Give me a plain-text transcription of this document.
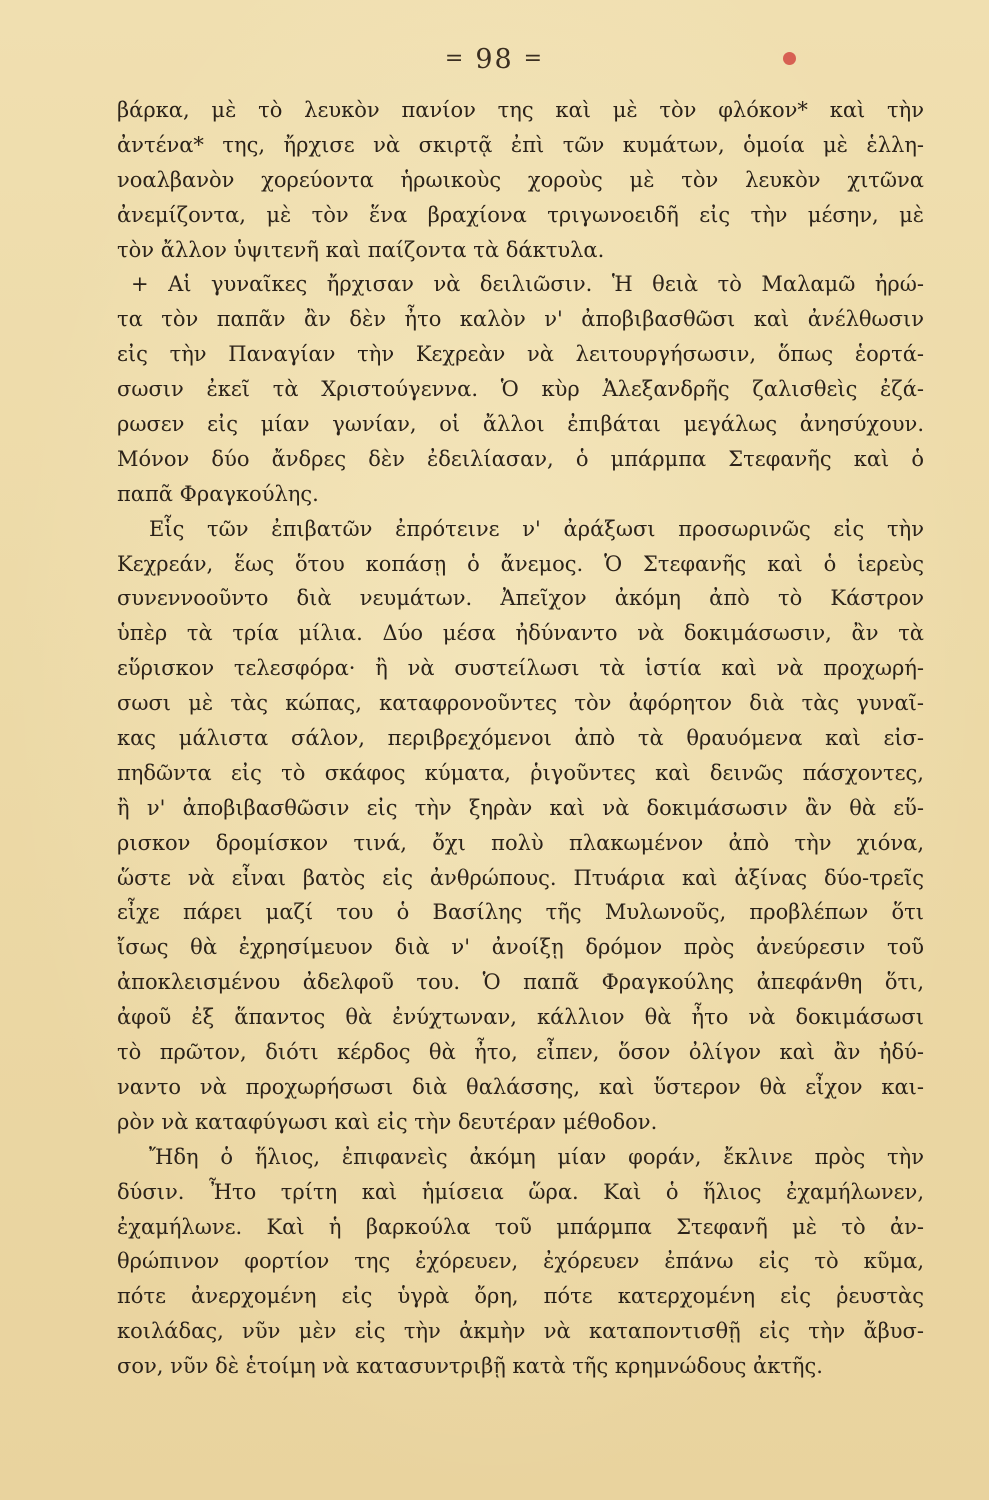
= 98 =
βάρκα, μὲ τὸ λευκὸν πανίον της καὶ μὲ τὸν φλόκον* καὶ τὴν
ἀντένα* της, ἤρχισε νὰ σκιρτᾷ ἐπὶ τῶν κυμάτων, ὁμοία μὲ ἑλλη-
νοαλβανὸν χορεύοντα ἡρωικοὺς χοροὺς μὲ τὸν λευκὸν χιτῶνα
ἀνεμίζοντα, μὲ τὸν ἕνα βραχίονα τριγωνοειδῆ εἰς τὴν μέσην, μὲ
τὸν ἄλλον ὑψιτενῆ καὶ παίζοντα τὰ δάκτυλα.
+ Αἱ γυναῖκες ἤρχισαν νὰ δειλιῶσιν. Ἡ θειὰ τὸ Μαλαμῶ ἠρώ-
τα τὸν παπᾶν ἂν δὲν ἦτο καλὸν ν' ἀποβιβασθῶσι καὶ ἀνέλθωσιν
εἰς τὴν Παναγίαν τὴν Κεχρεὰν νὰ λειτουργήσωσιν, ὅπως ἑορτά-
σωσιν ἐκεῖ τὰ Χριστούγεννα. Ὁ κὺρ Ἀλεξανδρῆς ζαλισθεὶς ἐζά-
ρωσεν εἰς μίαν γωνίαν, οἱ ἄλλοι ἐπιβάται μεγάλως ἀνησύχουν.
Μόνον δύο ἄνδρες δὲν ἐδειλίασαν, ὁ μπάρμπα Στεφανῆς καὶ ὁ
παπᾶ Φραγκούλης.
Εἷς τῶν ἐπιβατῶν ἐπρότεινε ν' ἀράξωσι προσωρινῶς εἰς τὴν
Κεχρεάν, ἕως ὅτου κοπάσῃ ὁ ἄνεμος. Ὁ Στεφανῆς καὶ ὁ ἱερεὺς
συνεννοοῦντο διὰ νευμάτων. Ἀπεῖχον ἀκόμη ἀπὸ τὸ Κάστρον
ὑπὲρ τὰ τρία μίλια. Δύο μέσα ἠδύναντο νὰ δοκιμάσωσιν, ἂν τὰ
εὕρισκον τελεσφόρα· ἢ νὰ συστείλωσι τὰ ἱστία καὶ νὰ προχωρή-
σωσι μὲ τὰς κώπας, καταφρονοῦντες τὸν ἀφόρητον διὰ τὰς γυναῖ-
κας μάλιστα σάλον, περιβρεχόμενοι ἀπὸ τὰ θραυόμενα καὶ εἰσ-
πηδῶντα εἰς τὸ σκάφος κύματα, ῥιγοῦντες καὶ δεινῶς πάσχοντες,
ἢ ν' ἀποβιβασθῶσιν εἰς τὴν ξηρὰν καὶ νὰ δοκιμάσωσιν ἂν θὰ εὕ-
ρισκον δρομίσκον τινά, ὄχι πολὺ πλακωμένον ἀπὸ τὴν χιόνα,
ὥστε νὰ εἶναι βατὸς εἰς ἀνθρώπους. Πτυάρια καὶ ἀξίνας δύο-τρεῖς
εἶχε πάρει μαζί του ὁ Βασίλης τῆς Μυλωνοῦς, προβλέπων ὅτι
ἴσως θὰ ἐχρησίμευον διὰ ν' ἀνοίξῃ δρόμον πρὸς ἀνεύρεσιν τοῦ
ἀποκλεισμένου ἀδελφοῦ του. Ὁ παπᾶ Φραγκούλης ἀπεφάνθη ὅτι,
ἀφοῦ ἐξ ἅπαντος θὰ ἐνύχτωναν, κάλλιον θὰ ἦτο νὰ δοκιμάσωσι
τὸ πρῶτον, διότι κέρδος θὰ ἦτο, εἶπεν, ὅσον ὀλίγον καὶ ἂν ἠδύ-
ναντο νὰ προχωρήσωσι διὰ θαλάσσης, καὶ ὕστερον θὰ εἶχον και-
ρὸν νὰ καταφύγωσι καὶ εἰς τὴν δευτέραν μέθοδον.
Ἤδη ὁ ἥλιος, ἐπιφανεὶς ἀκόμη μίαν φοράν, ἔκλινε πρὸς τὴν
δύσιν. Ἦτο τρίτη καὶ ἡμίσεια ὥρα. Καὶ ὁ ἥλιος ἐχαμήλωνεν,
ἐχαμήλωνε. Καὶ ἡ βαρκούλα τοῦ μπάρμπα Στεφανῆ μὲ τὸ ἀν-
θρώπινον φορτίον της ἐχόρευεν, ἐχόρευεν ἐπάνω εἰς τὸ κῦμα,
πότε ἀνερχομένη εἰς ὑγρὰ ὄρη, πότε κατερχομένη εἰς ῥευστὰς
κοιλάδας, νῦν μὲν εἰς τὴν ἀκμὴν νὰ καταποντισθῇ εἰς τὴν ἄβυσ-
σον, νῦν δὲ ἑτοίμη νὰ κατασυντριβῇ κατὰ τῆς κρημνώδους ἀκτῆς.
